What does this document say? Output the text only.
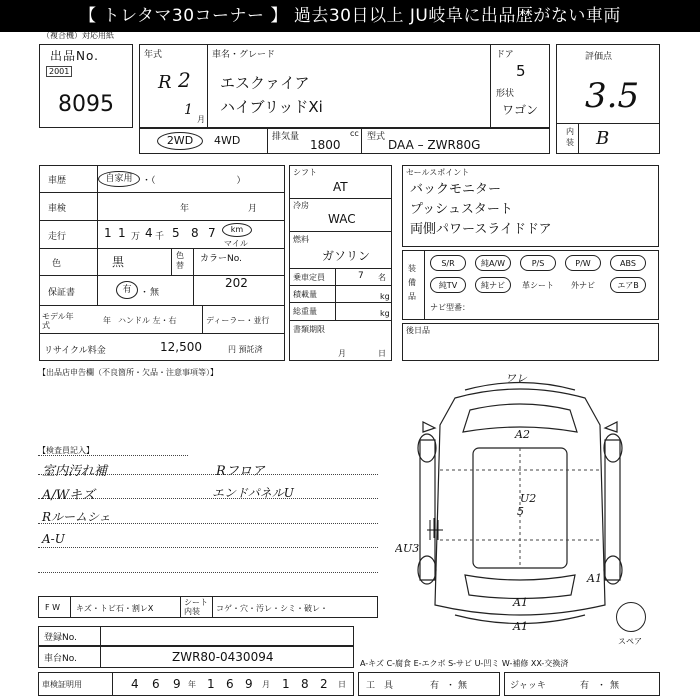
【 トレタマ30コーナー 】 過去30日以上 JU岐阜に出品歴がない車両
（複合機）対応用紙
出品No.
2001
8095
年式
R 2
1
月
車名・グレード
エスクァイア
ハイブリッドXi
ドア
5
形状
ワゴン
評価点
3.5
内装 B
2WD	4WD	排気量	cc
1800
型式
DAA – ZWR80G
車歴	自家用	・（　　　　　　　　　）
車検	年	月
走行	1 1 万 4 千 5 8 7	km
マイル
色	黒	色替
カラーNo.
202
保証書	有 ・ 無
モデル年式
年 ハンドル 左・右	ディーラー・並行
リサイクル料金	12,500	円 預託済
シフト
AT
冷房
WAC
燃料
ガソリン
乗車定員	7 名
積載量	kg
総重量	kg
書類期限
月	日
セールスポイント
バックモニター
プッシュスタート
両側パワースライドドア
装備品
S/R	純A/W	P/S	P/W	ABS
純TV	純ナビ	革シート	外ナビ	エアB
ナビ型番：
後日品
【出品店申告欄（不良箇所・欠品・注意事項等）】
【検査員記入】
室内汚れ補
A/Wキズ
Rルームシェ
A-U
Rフロア
エンドパネルU
ワレ
A2
U2
5
AU3
A1
A1
A1
スペア
F W キズ・トビ石・割レX
シート内装	コゲ・穴・汚レ・シミ・破レ・
登録No.
車台No.	ZWR80-0430094
車検証明用	4 6 9 年 1 6 9 月 1 8 2 日
A-キズ C-腐食 E-エクボ S-サビ U-凹ミ W-補修 XX-交換済
工　具	有 ・ 無	ジャッキ	有 ・ 無
